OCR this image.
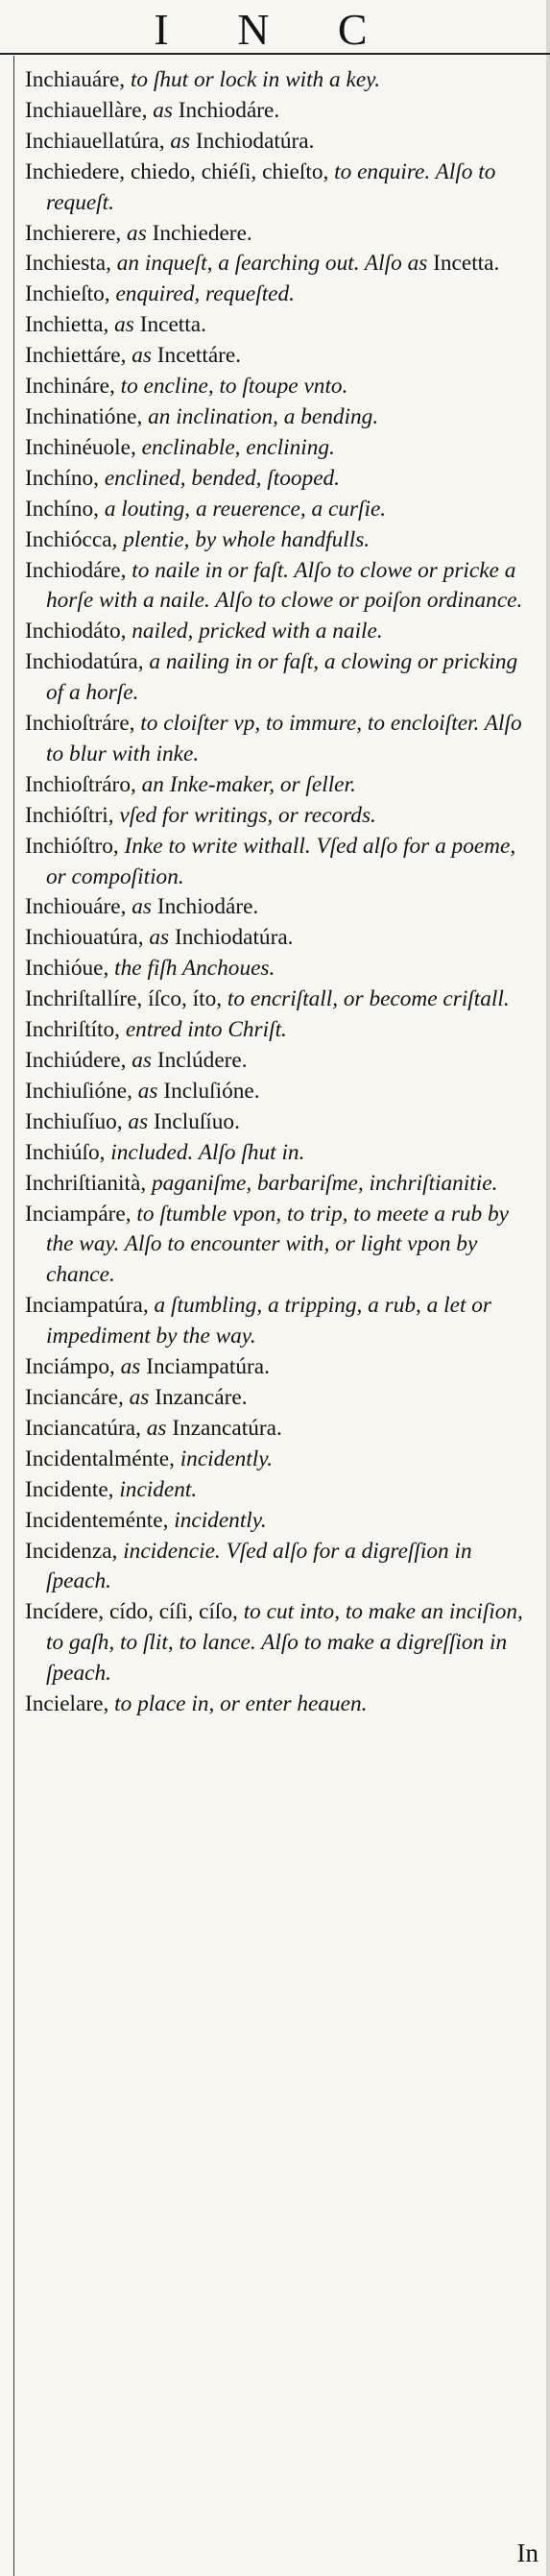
I N C
Inchiauáre, to ſhut or lock in with a key.
Inchiauellàre, as Inchiodáre.
Inchiauellatúra, as Inchiodatúra.
Inchiedere, chiedo, chiéſi, chieſto, to enquire. Alſo to requeſt.
Inchierere, as Inchiedere.
Inchiesta, an inqueſt, a ſearching out. Alſo as Incetta.
Inchieſto, enquired, requeſted.
Inchietta, as Incetta.
Inchiettáre, as Incettáre.
Inchináre, to encline, to ſtoupe vnto.
Inchinatióne, an inclination, a bending.
Inchinéuole, enclinable, enclining.
Inchíno, enclined, bended, ſtooped.
Inchíno, a louting, a reuerence, a curſie.
Inchiócca, plentie, by whole handfulls.
Inchiodáre, to naile in or faſt. Alſo to clowe or pricke a horſe with a naile. Alſo to clowe or poiſon ordinance.
Inchiodáto, nailed, pricked with a naile.
Inchiodatúra, a nailing in or faſt, a clowing or pricking of a horſe.
Inchioſtráre, to cloiſter vp, to immure, to encloiſter. Alſo to blur with inke.
Inchioſtráro, an Inke-maker, or ſeller.
Inchióſtri, vſed for writings, or records.
Inchióſtro, Inke to write withall. Vſed alſo for a poeme, or compoſition.
Inchiouáre, as Inchiodáre.
Inchiouatúra, as Inchiodatúra.
Inchióue, the fiſh Anchoues.
Inchriſtallíre, íſco, íto, to encriſtall, or become criſtall.
Inchriſtíto, entred into Chriſt.
Inchiúdere, as Inclúdere.
Inchiuſióne, as Incluſióne.
Inchiuſíuo, as Incluſíuo.
Inchiúſo, included. Alſo ſhut in.
Inchriſtianità, paganiſme, barbariſme, inchriſtianitie.
Inciampáre, to ſtumble vpon, to trip, to meete a rub by the way. Alſo to encounter with, or light vpon by chance.
Inciampatúra, a ſtumbling, a tripping, a rub, a let or impediment by the way.
Inciámpo, as Inciampatúra.
Inciancáre, as Inzancáre.
Inciancatúra, as Inzancatúra.
Incidentalménte, incidently.
Incidente, incident.
Incidenteménte, incidently.
Incidenza, incidencie. Vſed alſo for a digreſſion in ſpeach.
Incídere, cído, cíſi, cíſo, to cut into, to make an inciſion, to gaſh, to ſlit, to lance. Alſo to make a digreſſion in ſpeach.
Incielare, to place in, or enter heauen.
In
